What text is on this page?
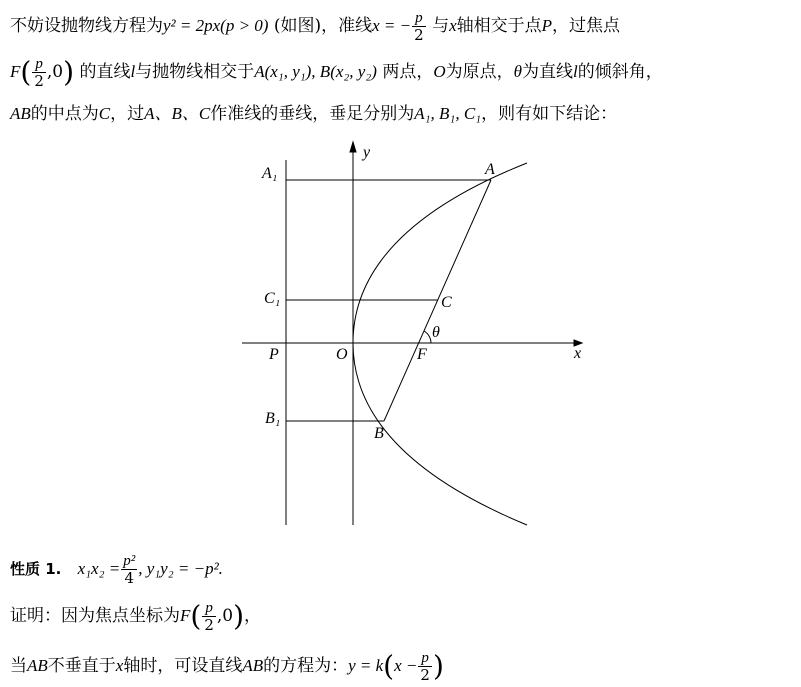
不妨设抛物线方程为y² = 2px(p > 0) (如图)，准线x = − $\frac{p}{2}$ 与x轴相交于点P，过焦点
$F( \frac{p}{2} ,0)$ 的直线l与抛物线相交于A(x₁, y₁), B(x₂, y₂) 两点，O为原点，θ为直线l的倾斜角，
AB的中点为C，过A、B、C作准线的垂线，垂足分别为A₁, B₁, C₁，则有如下结论：
A₁	A
C₁	C
θ
P	O	F	x
y
B₁
B
性质 1. $x_1x_2 = \frac{\text{p²}}{4}$ , y₁y₂ = −p².
证明：因为焦点坐标为$F( \frac{p}{2} ,0)$，
当AB不垂直于x轴时，可设直线AB的方程为：$y = k(x - \frac{p}{2}$ )
